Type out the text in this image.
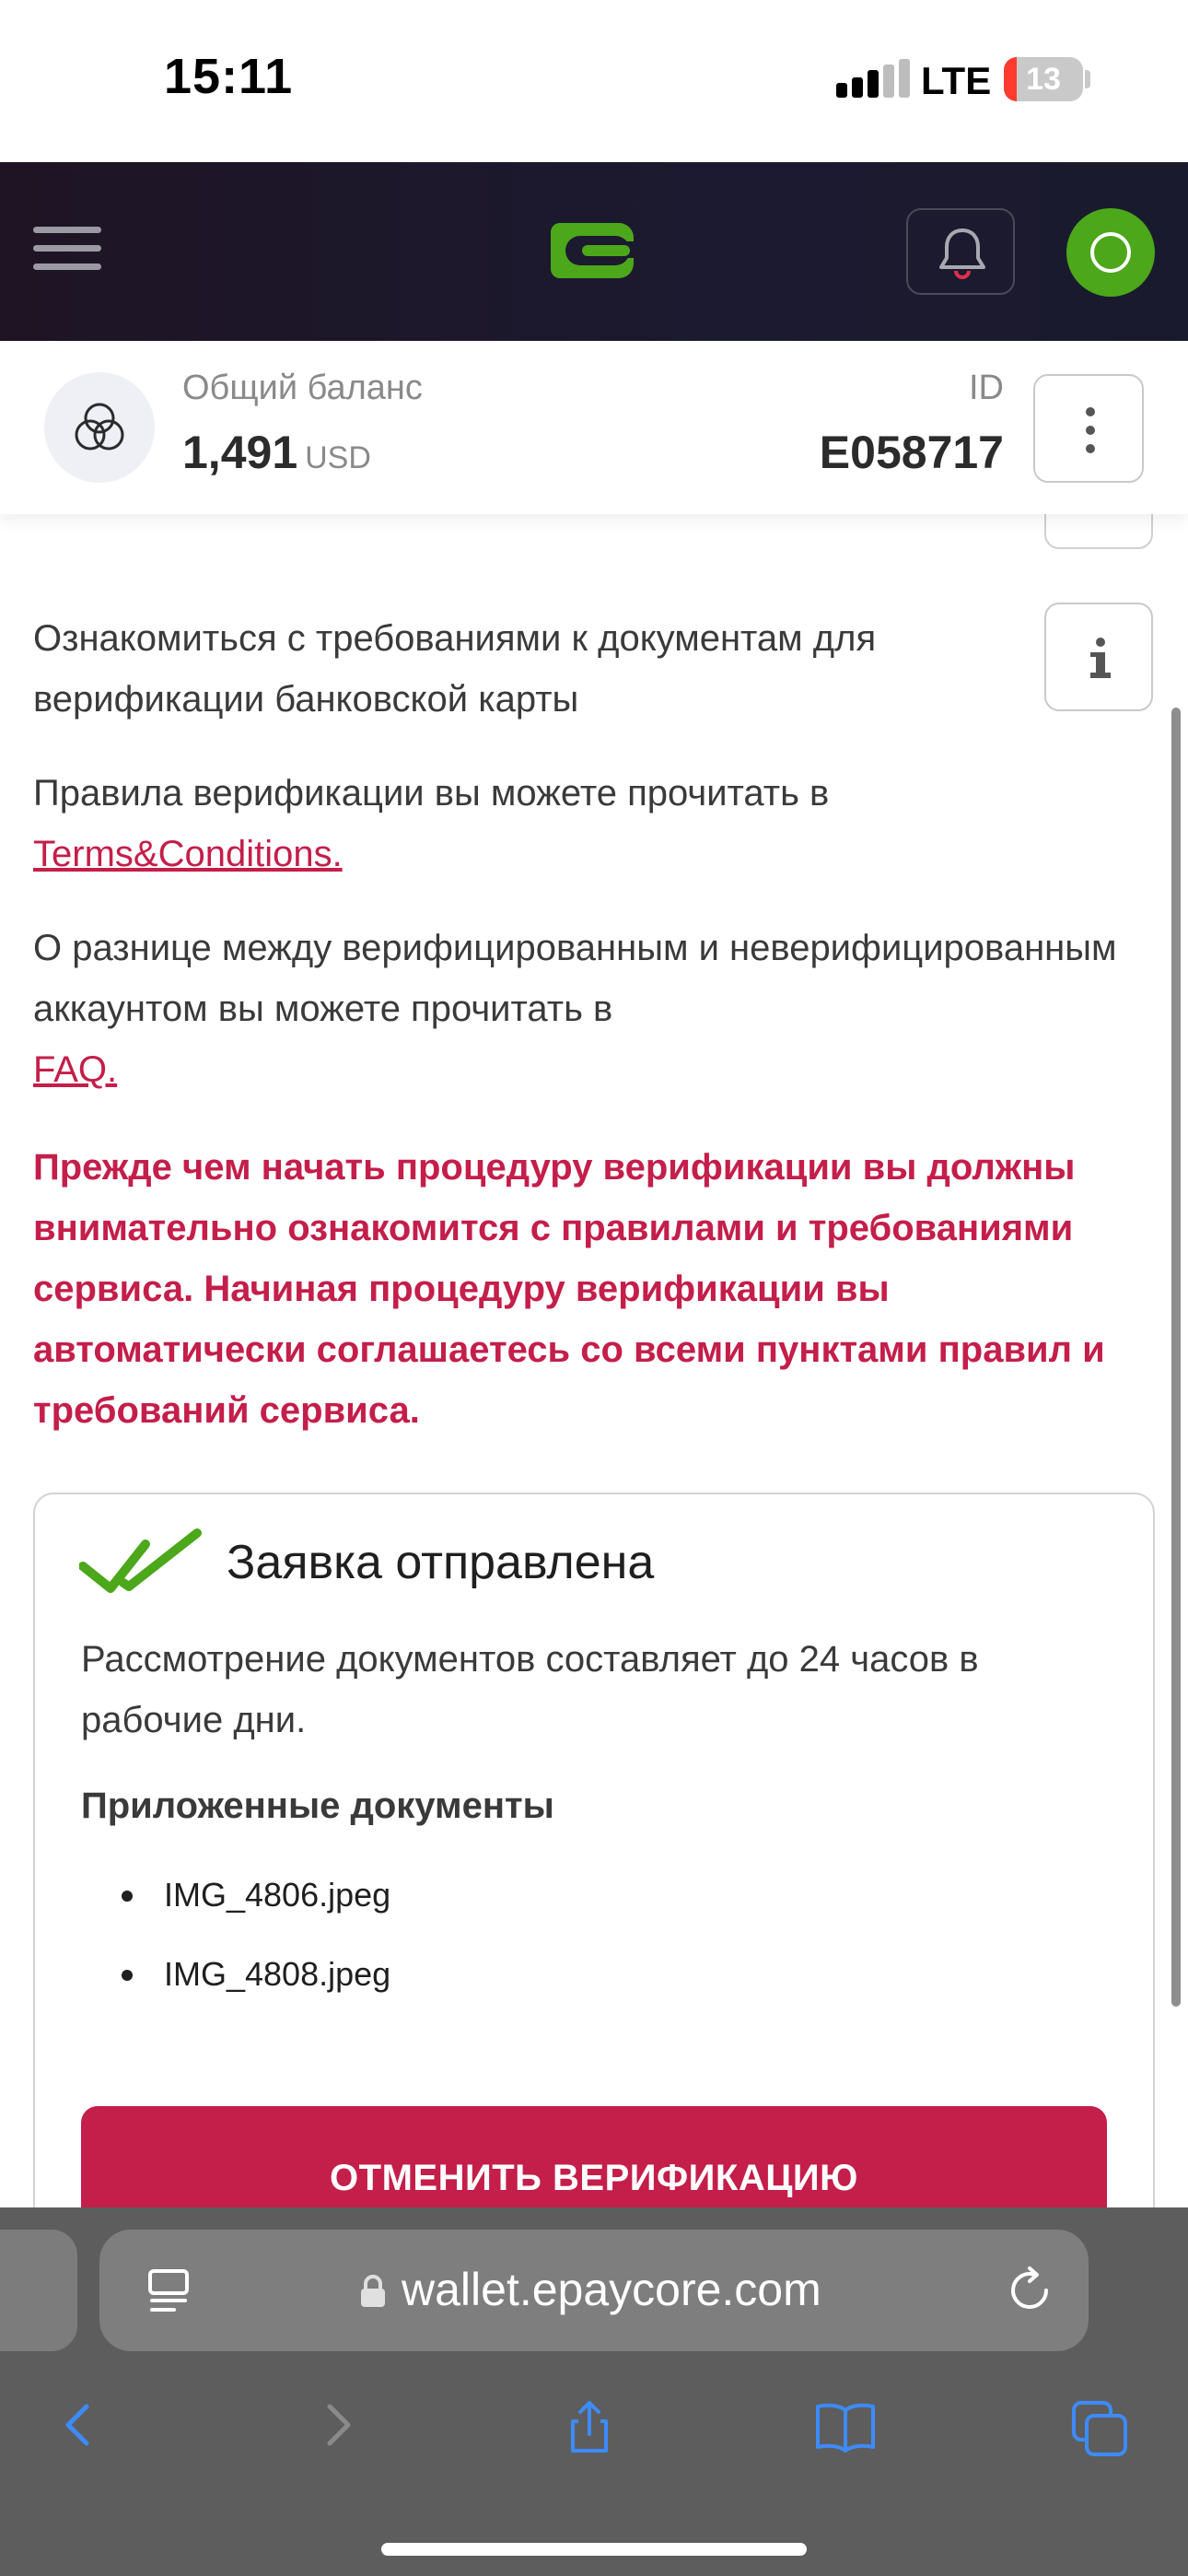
15:11	LTE	13
Общий баланс
1,491 USD
ID
E058717
Ознакомиться с требованиями к документам для верификации банковской карты
Правила верификации вы можете прочитать в
Terms&Conditions.
О разнице между верифицированным и неверифицированным аккаунтом вы можете прочитать в
FAQ.
Прежде чем начать процедуру верификации вы должны внимательно ознакомится с правилами и требованиями сервиса. Начиная процедуру верификации вы автоматически соглашаетесь со всеми пунктами правил и требований сервиса.
Заявка отправлена
Рассмотрение документов составляет до 24 часов в рабочие дни.
Приложенные документы
IMG_4806.jpeg
IMG_4808.jpeg
ОТМЕНИТЬ ВЕРИФИКАЦИЮ
wallet.epaycore.com
